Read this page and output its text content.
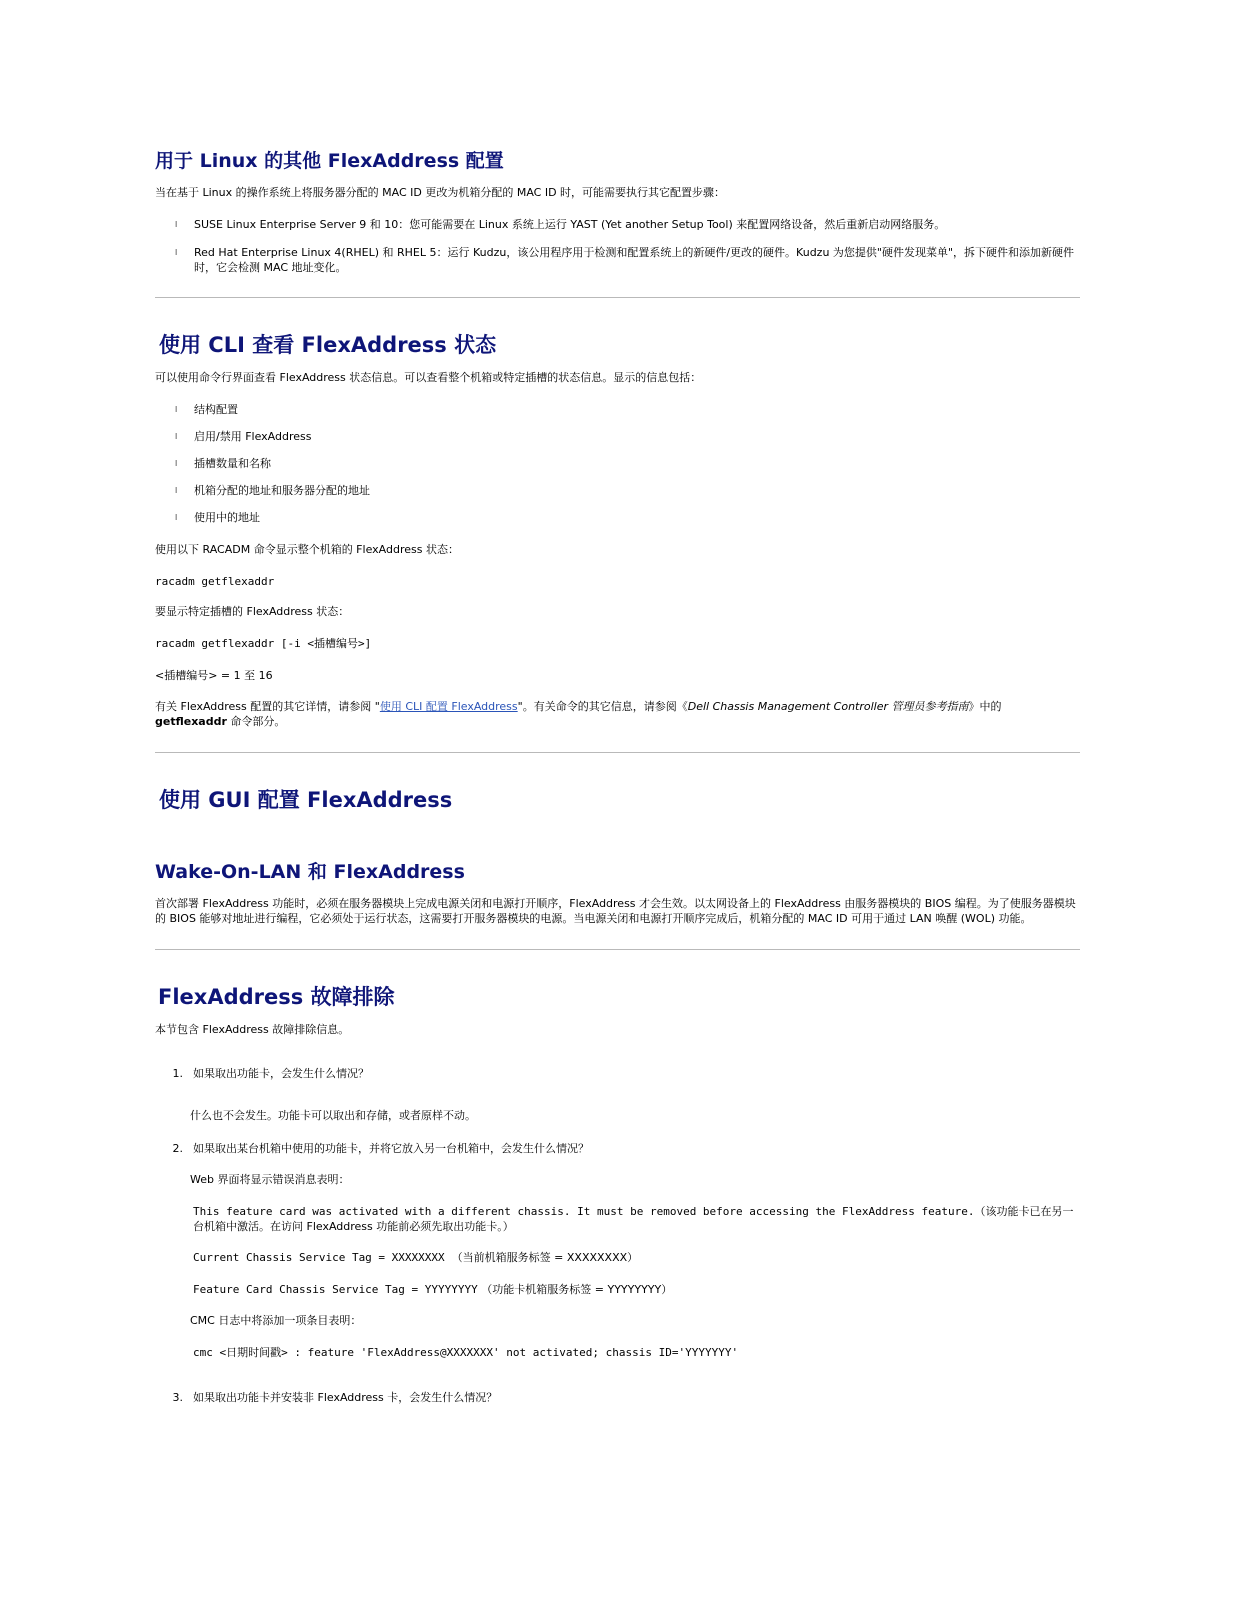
用于 Linux 的其他 FlexAddress 配置

当在基于 Linux 的操作系统上将服务器分配的 MAC ID 更改为机箱分配的 MAC ID 时，可能需要执行其它配置步骤：

l SUSE Linux Enterprise Server 9 和 10：您可能需要在 Linux 系统上运行 YAST (Yet another Setup Tool) 来配置网络设备，然后重新启动网络服务。
l Red Hat Enterprise Linux 4(RHEL) 和 RHEL 5：运行 Kudzu，该公用程序用于检测和配置系统上的新硬件/更改的硬件。Kudzu 为您提供"硬件发现菜单"，拆下硬件和添加新硬件时，它会检测 MAC 地址变化。
使用 CLI 查看 FlexAddress 状态

可以使用命令行界面查看 FlexAddress 状态信息。可以查看整个机箱或特定插槽的状态信息。显示的信息包括：

l 结构配置
l 启用/禁用 FlexAddress
l 插槽数量和名称
l 机箱分配的地址和服务器分配的地址
l 使用中的地址

使用以下 RACADM 命令显示整个机箱的 FlexAddress 状态：

racadm getflexaddr

要显示特定插槽的 FlexAddress 状态：

racadm getflexaddr [-i <插槽编号>]

<插槽编号> = 1 至 16

有关 FlexAddress 配置的其它详情，请参阅 "使用 CLI 配置 FlexAddress"。有关命令的其它信息，请参阅《Dell Chassis Management Controller 管理员参考指南》中的
getflexaddr 命令部分。

使用 GUI 配置 FlexAddress
Wake-On-LAN 和 FlexAddress

首次部署 FlexAddress 功能时，必须在服务器模块上完成电源关闭和电源打开顺序，FlexAddress 才会生效。以太网设备上的 FlexAddress 由服务器模块的 BIOS 编程。为了使服务器模块的 BIOS 能够对地址进行编程，它必须处于运行状态，这需要打开服务器模块的电源。当电源关闭和电源打开顺序完成后，机箱分配的 MAC ID 可用于通过 LAN 唤醒 (WOL) 功能。

FlexAddress 故障排除

本节包含 FlexAddress 故障排除信息。

1. 如果取出功能卡，会发生什么情况？

什么也不会发生。功能卡可以取出和存储，或者原样不动。

2. 如果取出某台机箱中使用的功能卡，并将它放入另一台机箱中，会发生什么情况？

Web 界面将显示错误消息表明：

This feature card was activated with a different chassis. It must be removed before accessing the FlexAddress feature.（该功能卡已在另一台机箱中激活。在访问 FlexAddress 功能前必须先取出功能卡。）

Current Chassis Service Tag = XXXXXXXX （当前机箱服务标签 = XXXXXXXX）

Feature Card Chassis Service Tag = YYYYYYYY （功能卡机箱服务标签 = YYYYYYYY）

CMC 日志中将添加一项条目表明：

cmc <日期时间戳> : feature 'FlexAddress@XXXXXXX' not activated; chassis ID='YYYYYYY'

3. 如果取出功能卡并安装非 FlexAddress 卡，会发生什么情况？
